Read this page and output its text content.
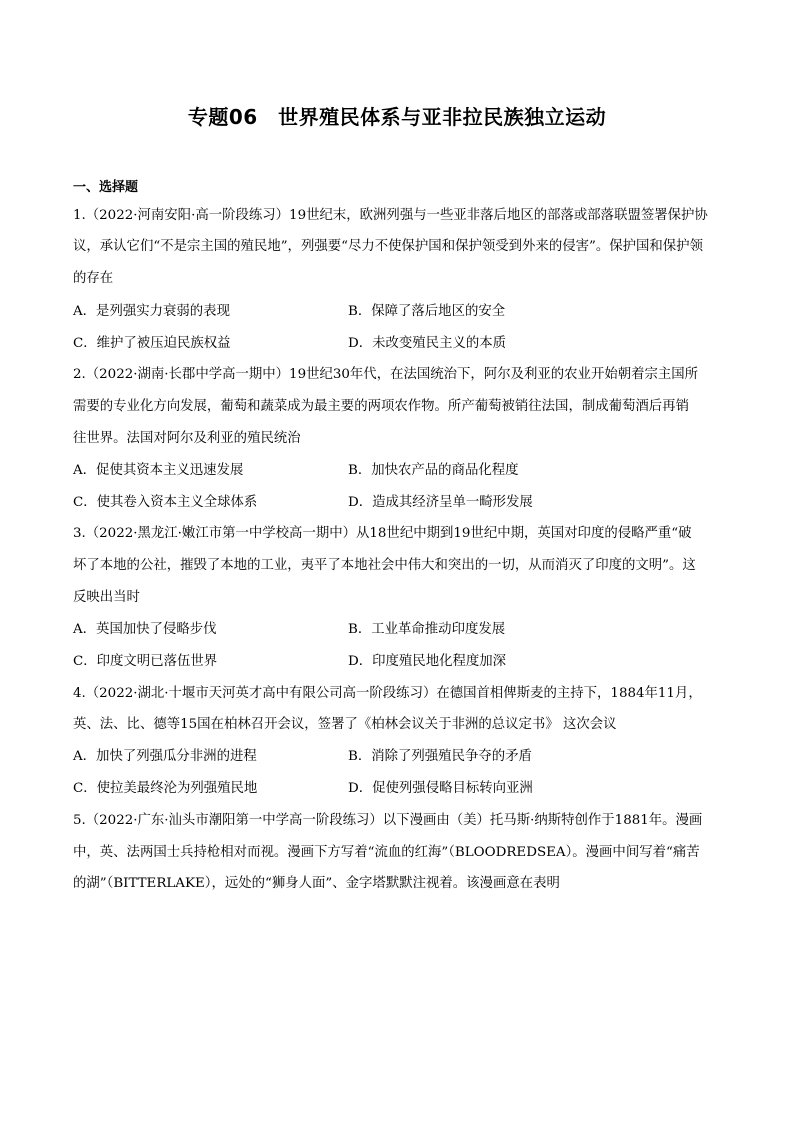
专题06　世界殖民体系与亚非拉民族独立运动
一、选择题
1.（2022·河南安阳·高一阶段练习）19世纪末，欧洲列强与一些亚非落后地区的部落或部落联盟签署保护协
议，承认它们“不是宗主国的殖民地”，列强要“尽力不使保护国和保护领受到外来的侵害”。保护国和保护领
的存在
A．是列强实力衰弱的表现	B．保障了落后地区的安全
C．维护了被压迫民族权益	D．未改变殖民主义的本质
2.（2022·湖南·长郡中学高一期中）19世纪30年代，在法国统治下，阿尔及利亚的农业开始朝着宗主国所
需要的专业化方向发展，葡萄和蔬菜成为最主要的两项农作物。所产葡萄被销往法国，制成葡萄酒后再销
往世界。法国对阿尔及利亚的殖民统治
A．促使其资本主义迅速发展	B．加快农产品的商品化程度
C．使其卷入资本主义全球体系	D．造成其经济呈单一畸形发展
3.（2022·黑龙江·嫩江市第一中学校高一期中）从18世纪中期到19世纪中期，英国对印度的侵略严重“破
坏了本地的公社，摧毁了本地的工业，夷平了本地社会中伟大和突出的一切，从而消灭了印度的文明”。这
反映出当时
A．英国加快了侵略步伐	B．工业革命推动印度发展
C．印度文明已落伍世界	D．印度殖民地化程度加深
4.（2022·湖北·十堰市天河英才高中有限公司高一阶段练习）在德国首相俾斯麦的主持下，1884年11月，
英、法、比、德等15国在柏林召开会议，签署了《柏林会议关于非洲的总议定书》 这次会议
A．加快了列强瓜分非洲的进程	B．消除了列强殖民争夺的矛盾
C．使拉美最终沦为列强殖民地	D．促使列强侵略目标转向亚洲
5.（2022·广东·汕头市潮阳第一中学高一阶段练习）以下漫画由（美）托马斯·纳斯特创作于1881年。漫画
中，英、法两国士兵持枪相对而视。漫画下方写着“流血的红海”（BLOODREDSEA）。漫画中间写着“痛苦
的湖”（BITTERLAKE），远处的“狮身人面”、金字塔默默注视着。该漫画意在表明
